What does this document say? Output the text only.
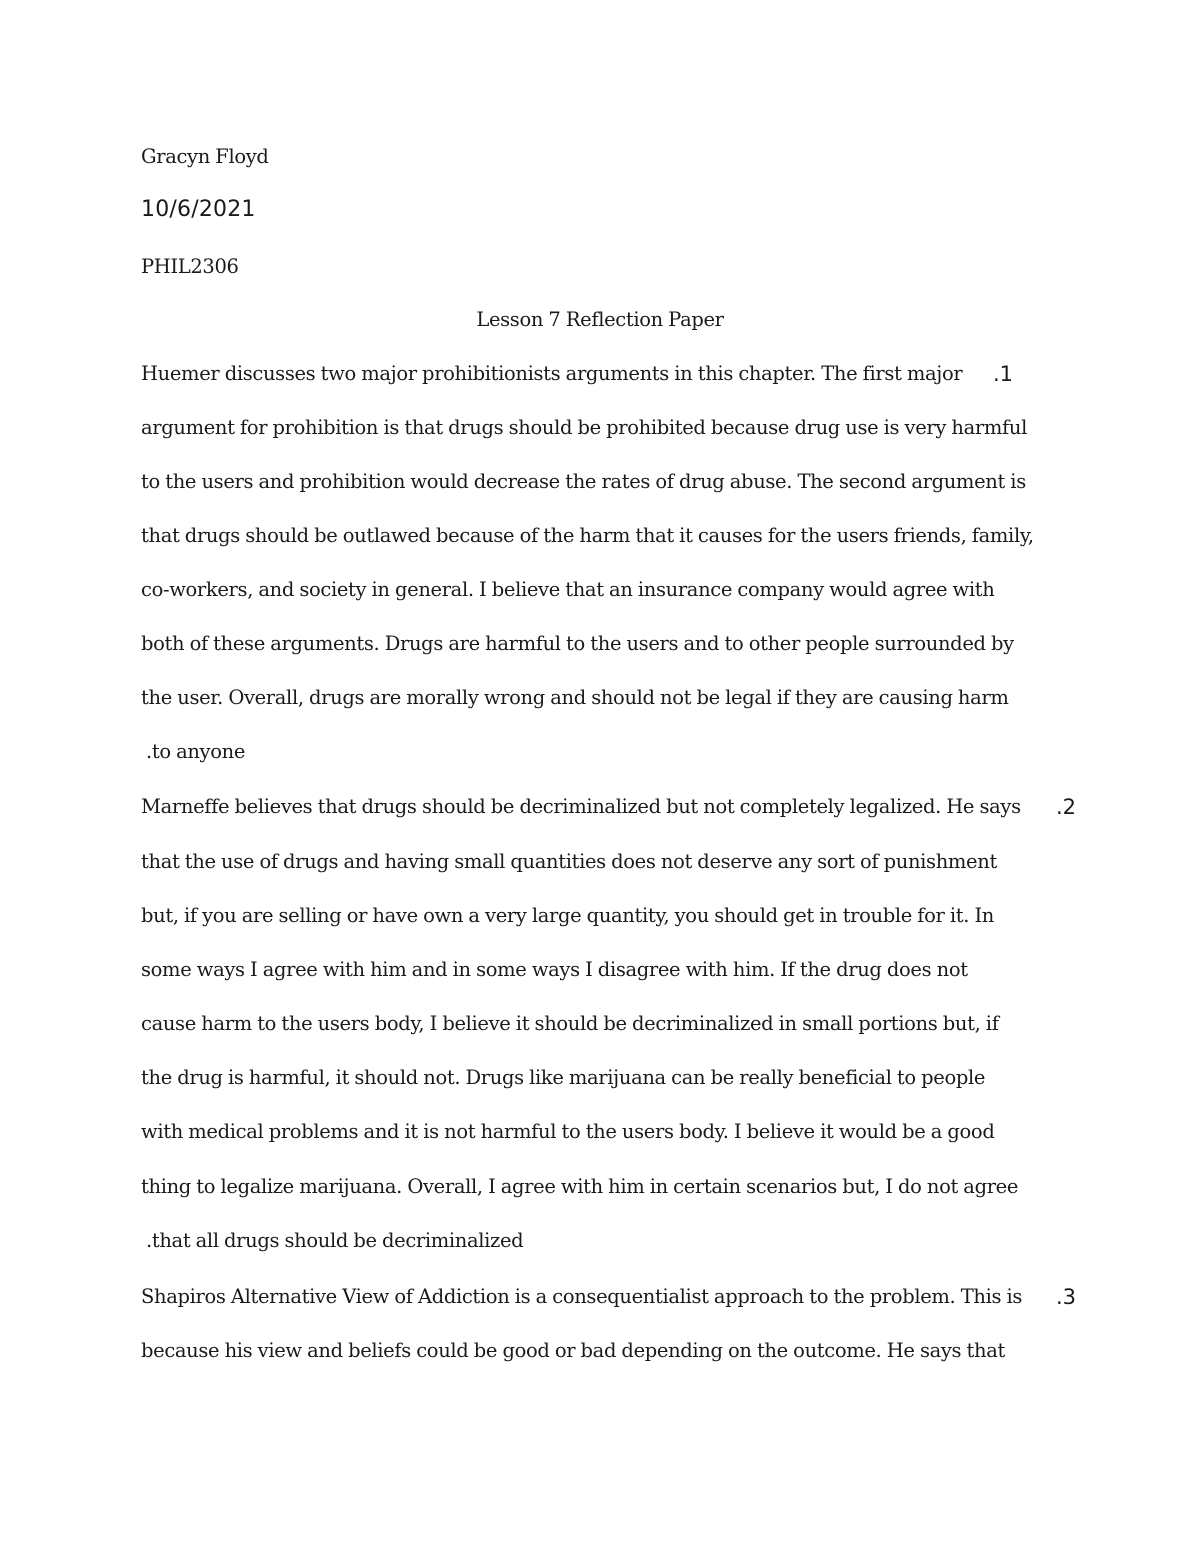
Gracyn Floyd
10/6/2021
PHIL2306
Lesson 7 Reflection Paper
.1
Huemer discusses two major prohibitionists arguments in this chapter. The first major
argument for prohibition is that drugs should be prohibited because drug use is very harmful
to the users and prohibition would decrease the rates of drug abuse. The second argument is
that drugs should be outlawed because of the harm that it causes for the users friends, family,
co-workers, and society in general. I believe that an insurance company would agree with
both of these arguments. Drugs are harmful to the users and to other people surrounded by
the user. Overall, drugs are morally wrong and should not be legal if they are causing harm
.to anyone
.2
Marneffe believes that drugs should be decriminalized but not completely legalized. He says
that the use of drugs and having small quantities does not deserve any sort of punishment
but, if you are selling or have own a very large quantity, you should get in trouble for it. In
some ways I agree with him and in some ways I disagree with him. If the drug does not
cause harm to the users body, I believe it should be decriminalized in small portions but, if
the drug is harmful, it should not. Drugs like marijuana can be really beneficial to people
with medical problems and it is not harmful to the users body. I believe it would be a good
thing to legalize marijuana. Overall, I agree with him in certain scenarios but, I do not agree
.that all drugs should be decriminalized
.3
Shapiros Alternative View of Addiction is a consequentialist approach to the problem. This is
because his view and beliefs could be good or bad depending on the outcome. He says that
